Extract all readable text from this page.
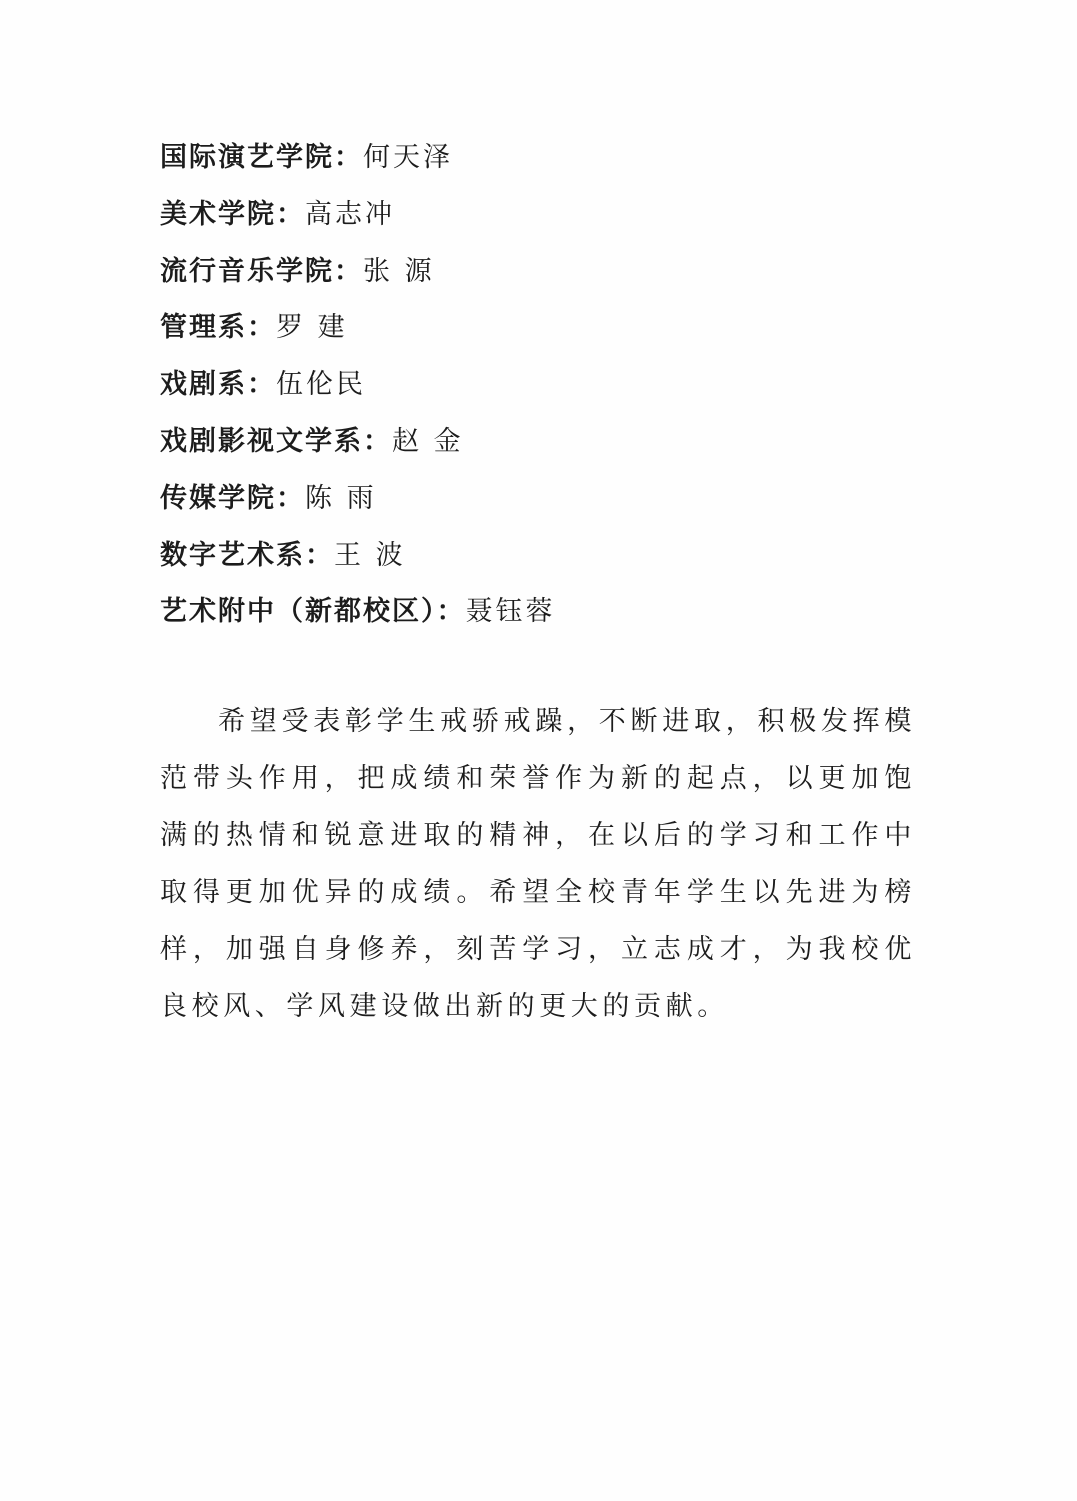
国际演艺学院：何天泽
美术学院：高志冲
流行音乐学院：张 源
管理系：罗 建
戏剧系：伍伦民
戏剧影视文学系：赵 金
传媒学院：陈 雨
数字艺术系：王 波
艺术附中（新都校区）：聂钰蓉

希望受表彰学生戒骄戒躁，不断进取，积极发挥模范带头作用，把成绩和荣誉作为新的起点，以更加饱满的热情和锐意进取的精神，在以后的学习和工作中取得更加优异的成绩。希望全校青年学生以先进为榜样，加强自身修养，刻苦学习，立志成才，为我校优良校风、学风建设做出新的更大的贡献。
